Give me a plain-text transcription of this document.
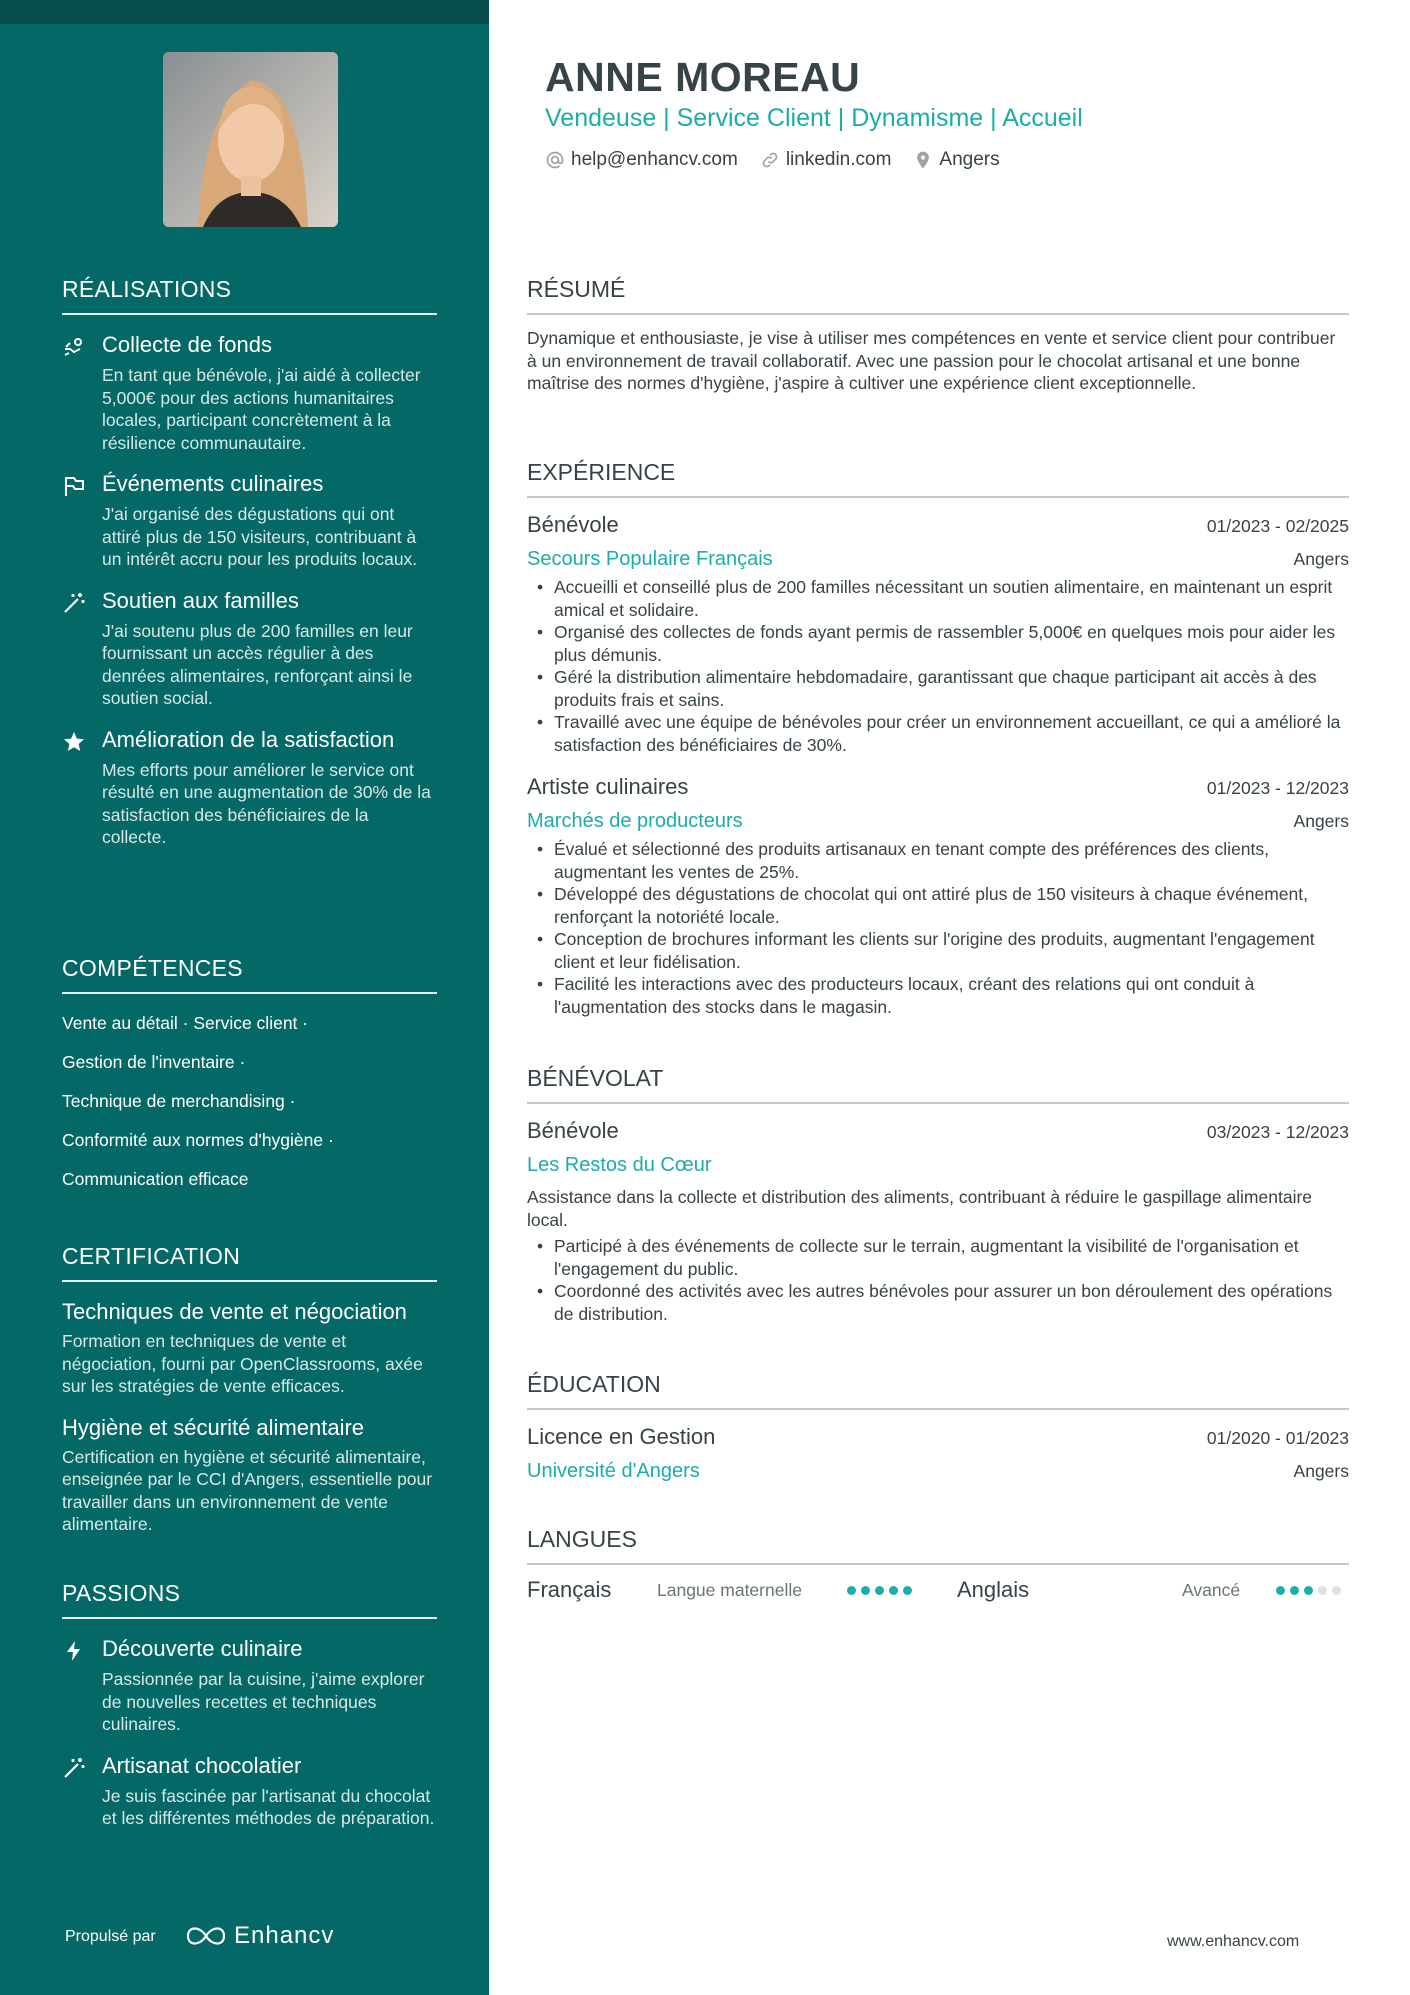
RÉALISATIONS
Collecte de fonds
En tant que bénévole, j'ai aidé à collecter 5,000€ pour des actions humanitaires locales, participant concrètement à la résilience communautaire.
Événements culinaires
J'ai organisé des dégustations qui ont attiré plus de 150 visiteurs, contribuant à un intérêt accru pour les produits locaux.
Soutien aux familles
J'ai soutenu plus de 200 familles en leur fournissant un accès régulier à des denrées alimentaires, renforçant ainsi le soutien social.
Amélioration de la satisfaction
Mes efforts pour améliorer le service ont résulté en une augmentation de 30% de la satisfaction des bénéficiaires de la collecte.
COMPÉTENCES
Vente au détail · Service client ·
Gestion de l'inventaire ·
Technique de merchandising ·
Conformité aux normes d'hygiène ·
Communication efficace
CERTIFICATION
Techniques de vente et négociation
Formation en techniques de vente et négociation, fourni par OpenClassrooms, axée sur les stratégies de vente efficaces.
Hygiène et sécurité alimentaire
Certification en hygiène et sécurité alimentaire, enseignée par le CCI d'Angers, essentielle pour travailler dans un environnement de vente alimentaire.
PASSIONS
Découverte culinaire
Passionnée par la cuisine, j'aime explorer de nouvelles recettes et techniques culinaires.
Artisanat chocolatier
Je suis fascinée par l'artisanat du chocolat et les différentes méthodes de préparation.
Propulsé par	Enhancv
ANNE MOREAU
Vendeuse | Service Client | Dynamisme | Accueil
help@enhancv.com	linkedin.com	Angers
RÉSUMÉ
Dynamique et enthousiaste, je vise à utiliser mes compétences en vente et service client pour contribuer à un environnement de travail collaboratif. Avec une passion pour le chocolat artisanal et une bonne maîtrise des normes d'hygiène, j'aspire à cultiver une expérience client exceptionnelle.
EXPÉRIENCE
Bénévole	01/2023 - 02/2025
Secours Populaire Français	Angers
• Accueilli et conseillé plus de 200 familles nécessitant un soutien alimentaire, en maintenant un esprit amical et solidaire.
• Organisé des collectes de fonds ayant permis de rassembler 5,000€ en quelques mois pour aider les plus démunis.
• Géré la distribution alimentaire hebdomadaire, garantissant que chaque participant ait accès à des produits frais et sains.
• Travaillé avec une équipe de bénévoles pour créer un environnement accueillant, ce qui a amélioré la satisfaction des bénéficiaires de 30%.
Artiste culinaires	01/2023 - 12/2023
Marchés de producteurs	Angers
• Évalué et sélectionné des produits artisanaux en tenant compte des préférences des clients, augmentant les ventes de 25%.
• Développé des dégustations de chocolat qui ont attiré plus de 150 visiteurs à chaque événement, renforçant la notoriété locale.
• Conception de brochures informant les clients sur l'origine des produits, augmentant l'engagement client et leur fidélisation.
• Facilité les interactions avec des producteurs locaux, créant des relations qui ont conduit à l'augmentation des stocks dans le magasin.
BÉNÉVOLAT
Bénévole	03/2023 - 12/2023
Les Restos du Cœur
Assistance dans la collecte et distribution des aliments, contribuant à réduire le gaspillage alimentaire local.
• Participé à des événements de collecte sur le terrain, augmentant la visibilité de l'organisation et l'engagement du public.
• Coordonné des activités avec les autres bénévoles pour assurer un bon déroulement des opérations de distribution.
ÉDUCATION
Licence en Gestion	01/2020 - 01/2023
Université d'Angers	Angers
LANGUES
Français	Langue maternelle	Anglais	Avancé
www.enhancv.com
